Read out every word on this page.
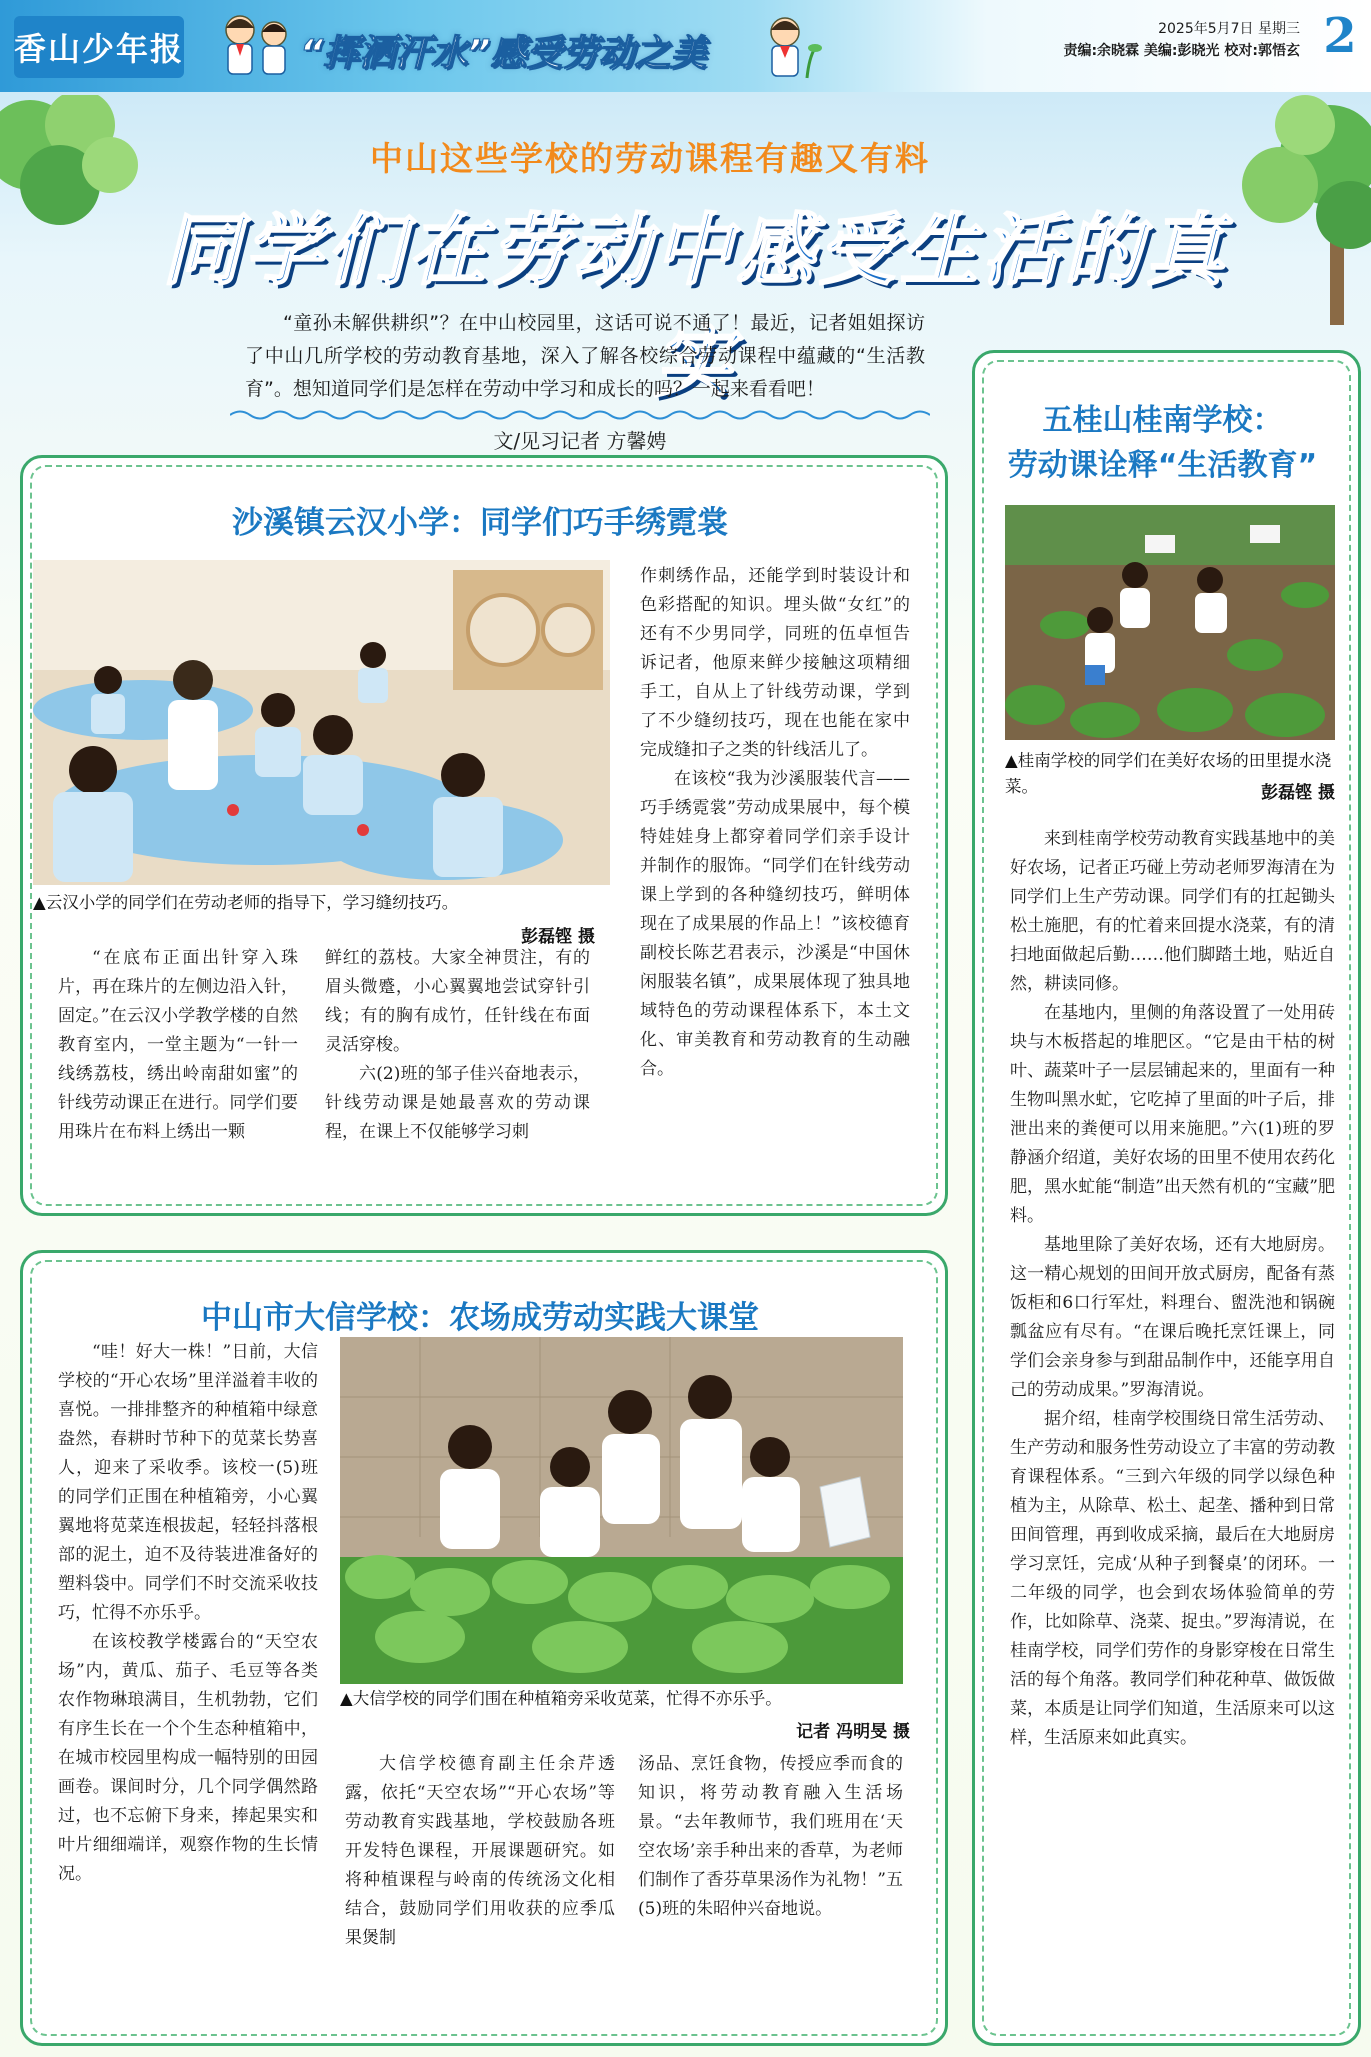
香山少年报	“挥洒汗水”感受劳动之美
2025年5月7日 星期三
责编:余晓霖 美编:彭晓光 校对:郭悟玄 2
中山这些学校的劳动课程有趣又有料
同学们在劳动中感受生活的真实
“童孙未解供耕织”？在中山校园里，这话可说不通了！最近，记者姐姐探访了中山几所学校的劳动教育基地，深入了解各校综合劳动课程中蕴藏的“生活教育”。想知道同学们是怎样在劳动中学习和成长的吗？一起来看看吧！
文/见习记者 方馨娉
沙溪镇云汉小学：同学们巧手绣霓裳
▲云汉小学的同学们在劳动老师的指导下，学习缝纫技巧。
彭磊铿 摄

“在底布正面出针穿入珠片，再在珠片的左侧边沿入针，固定。”在云汉小学教学楼的自然教育室内，一堂主题为“一针一线绣荔枝，绣出岭南甜如蜜”的针线劳动课正在进行。同学们要用珠片在布料上绣出一颗

鲜红的荔枝。大家全神贯注，有的眉头微蹙，小心翼翼地尝试穿针引线；有的胸有成竹，任针线在布面灵活穿梭。

六(2)班的邹子佳兴奋地表示，针线劳动课是她最喜欢的劳动课程，在课上不仅能够学习刺

作刺绣作品，还能学到时装设计和色彩搭配的知识。埋头做“女红”的还有不少男同学，同班的伍卓恒告诉记者，他原来鲜少接触这项精细手工，自从上了针线劳动课，学到了不少缝纫技巧，现在也能在家中完成缝扣子之类的针线活儿了。

在该校“我为沙溪服装代言——巧手绣霓裳”劳动成果展中，每个模特娃娃身上都穿着同学们亲手设计并制作的服饰。“同学们在针线劳动课上学到的各种缝纫技巧，鲜明体现在了成果展的作品上！”该校德育副校长陈艺君表示，沙溪是“中国休闲服装名镇”，成果展体现了独具地域特色的劳动课程体系下，本土文化、审美教育和劳动教育的生动融合。

中山市大信学校：农场成劳动实践大课堂
▲大信学校的同学们围在种植箱旁采收苋菜，忙得不亦乐乎。
记者 冯明旻 摄

“哇！好大一株！”日前，大信学校的“开心农场”里洋溢着丰收的喜悦。一排排整齐的种植箱中绿意盎然，春耕时节种下的苋菜长势喜人，迎来了采收季。该校一(5)班的同学们正围在种植箱旁，小心翼翼地将苋菜连根拔起，轻轻抖落根部的泥土，迫不及待装进准备好的塑料袋中。同学们不时交流采收技巧，忙得不亦乐乎。

在该校教学楼露台的“天空农场”内，黄瓜、茄子、毛豆等各类农作物琳琅满目，生机勃勃，它们有序生长在一个个生态种植箱中，在城市校园里构成一幅特别的田园画卷。课间时分，几个同学偶然路过，也不忘俯下身来，捧起果实和叶片细细端详，观察作物的生长情况。

大信学校德育副主任余芹透露，依托“天空农场”“开心农场”等劳动教育实践基地，学校鼓励各班开发特色课程，开展课题研究。如将种植课程与岭南的传统汤文化相结合，鼓励同学们用收获的应季瓜果煲制

汤品、烹饪食物，传授应季而食的知识，将劳动教育融入生活场景。“去年教师节，我们班用在‘天空农场’亲手种出来的香草，为老师们制作了香芬草果汤作为礼物！”五(5)班的朱昭仲兴奋地说。

五桂山桂南学校：
劳动课诠释“生活教育”
▲桂南学校的同学们在美好农场的田里提水浇菜。	彭磊铿 摄

来到桂南学校劳动教育实践基地中的美好农场，记者正巧碰上劳动老师罗海清在为同学们上生产劳动课。同学们有的扛起锄头松土施肥，有的忙着来回提水浇菜，有的清扫地面做起后勤……他们脚踏土地，贴近自然，耕读同修。

在基地内，里侧的角落设置了一处用砖块与木板搭起的堆肥区。“它是由干枯的树叶、蔬菜叶子一层层铺起来的，里面有一种生物叫黑水虻，它吃掉了里面的叶子后，排泄出来的粪便可以用来施肥。”六(1)班的罗静涵介绍道，美好农场的田里不使用农药化肥，黑水虻能“制造”出天然有机的“宝藏”肥料。

基地里除了美好农场，还有大地厨房。这一精心规划的田间开放式厨房，配备有蒸饭柜和6口行军灶，料理台、盥洗池和锅碗瓢盆应有尽有。“在课后晚托烹饪课上，同学们会亲身参与到甜品制作中，还能享用自己的劳动成果。”罗海清说。

据介绍，桂南学校围绕日常生活劳动、生产劳动和服务性劳动设立了丰富的劳动教育课程体系。“三到六年级的同学以绿色种植为主，从除草、松土、起垄、播种到日常田间管理，再到收成采摘，最后在大地厨房学习烹饪，完成‘从种子到餐桌’的闭环。一二年级的同学，也会到农场体验简单的劳作，比如除草、浇菜、捉虫。”罗海清说，在桂南学校，同学们劳作的身影穿梭在日常生活的每个角落。教同学们种花种草、做饭做菜，本质是让同学们知道，生活原来可以这样，生活原来如此真实。
